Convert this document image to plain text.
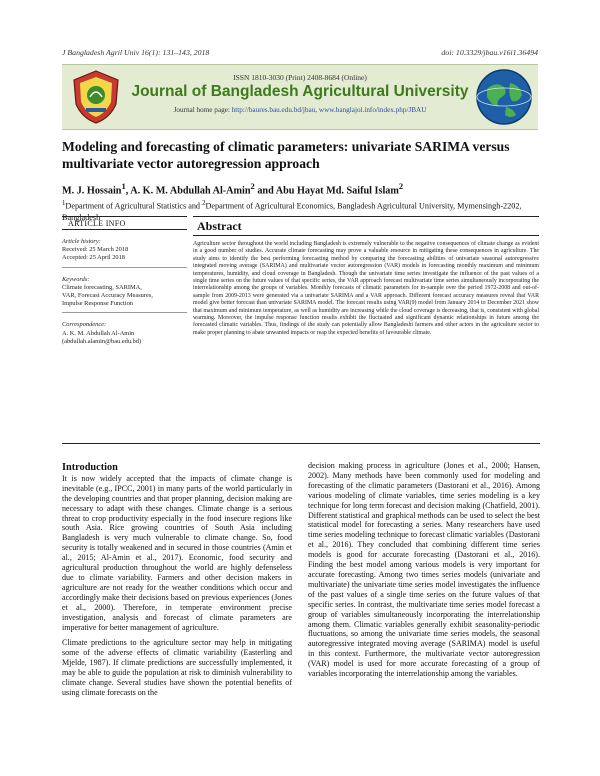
J Bangladesh Agril Univ 16(1): 131–143, 2018	doi: 10.3329/jbau.v16i1.36494
ISSN 1810-3030 (Print) 2408-8684 (Online)
Journal of Bangladesh Agricultural University
Journal home page: http://baures.bau.edu.bd/jbau, www.banglajol.info/index.php/JBAU
Modeling and forecasting of climatic parameters: univariate SARIMA versus multivariate vector autoregression approach
M. J. Hossain$^1$, A. K. M. Abdullah Al-Amin$^2$ and Abu Hayat Md. Saiful Islam$^2$
$^1$Department of Agricultural Statistics and $^2$Department of Agricultural Economics, Bangladesh Agricultural University, Mymensingh-2202, Bangladesh
ARTICLE INFO
Article history:
Received: 25 March 2018
Accepted: 25 April 2018
Keywords:
Climate forecasting, SARIMA,
VAR, Forecast Accuracy Measures,
Impulse Response Function
Correspondence:
A. K. M. Abdullah Al-Amin
(abdullah.alamin@bau.edu.bd)
Abstract

Agriculture sector throughout the world including Bangladesh is extremely vulnerable to the negative consequences of climate change as evident in a good number of studies. Accurate climate forecasting may prove a valuable resource in mitigating these consequences in agriculture. The study aims to identify the best performing forecasting method by comparing the forecasting abilities of univariate seasonal autoregressive integrated moving average (SARIMA) and multivariate vector autoregression (VAR) models in forecasting monthly maximum and minimum temperatures, humidity, and cloud coverage in Bangladesh. Though the univariate time series investigate the influence of the past values of a single time series on the future values of that specific series, the VAR approach forecast multivariate time series simultaneously incorporating the interrelationship among the groups of variables. Monthly forecasts of climatic parameters for in-sample over the period 1972-2008 and out-of-sample from 2009-2013 were generated via a univariate SARIMA and a VAR approach. Different forecast accuracy measures reveal that VAR model give better forecast than univariate SARIMA model. The forecast results using VAR(9) model from January 2014 to December 2021 show that maximum and minimum temperature, as well as humidity are increasing while the cloud coverage is decreasing, that is, consistent with global warming. Moreover, the impulse response function results exhibit the fluctuated and significant dynamic relationships in future among the forecasted climatic variables. Thus, findings of the study can potentially allow Bangladeshi farmers and other actors in the agriculture sector to make proper planning to abate unwanted impacts or reap the expected benefits of favourable climate.

Introduction

It is now widely accepted that the impacts of climate change is inevitable (e.g., IPCC, 2001) in many parts of the world particularly in the developing countries and that proper planning, decision making are necessary to adapt with these changes. Climate change is a serious threat to crop productivity especially in the food insecure regions like south Asia. Rice growing countries of South Asia including Bangladesh is very much vulnerable to climate change. So, food security is totally weakened and in secured in those countries (Amin et al., 2015; Al-Amin et al., 2017). Economic, food security and agricultural production throughout the world are highly defenseless due to climate variability. Farmers and other decision makers in agriculture are not ready for the weather conditions which occur and accordingly make their decisions based on previous experiences (Jones et al., 2000). Therefore, in temperate environment precise investigation, analysis and forecast of climate parameters are imperative for better management of agriculture.

Climate predictions to the agriculture sector may help in mitigating some of the adverse effects of climatic variability (Easterling and Mjelde, 1987). If climate predictions are successfully implemented, it may be able to guide the population at risk to diminish vulnerability to climate change. Several studies have shown the potential benefits of using climate forecasts on the

decision making process in agriculture (Jones et al., 2000; Hansen, 2002). Many methods have been commonly used for modeling and forecasting of the climatic parameters (Dastorani et al., 2016). Among various modeling of climate variables, time series modeling is a key technique for long term forecast and decision making (Chatfield, 2001). Different statistical and graphical methods can be used to select the best statistical model for forecasting a series. Many researchers have used time series modeling technique to forecast climatic variables (Dastorani et al., 2016). They concluded that combining different time series models is good for accurate forecasting (Dastorani et al., 2016). Finding the best model among various models is very important for accurate forecasting. Among two times series models (univariate and multivariate) the univariate time series model investigates the influence of the past values of a single time series on the future values of that specific series. In contrast, the multivariate time series model forecast a group of variables simultaneously incorporating the interrelationship among them. Climatic variables generally exhibit seasonality-periodic fluctuations, so among the univariate time series models, the seasonal autoregressive integrated moving average (SARIMA) model is useful in this context. Furthermore, the multivariate vector autoregression (VAR) model is used for more accurate forecasting of a group of variables incorporating the interrelationship among the variables.
